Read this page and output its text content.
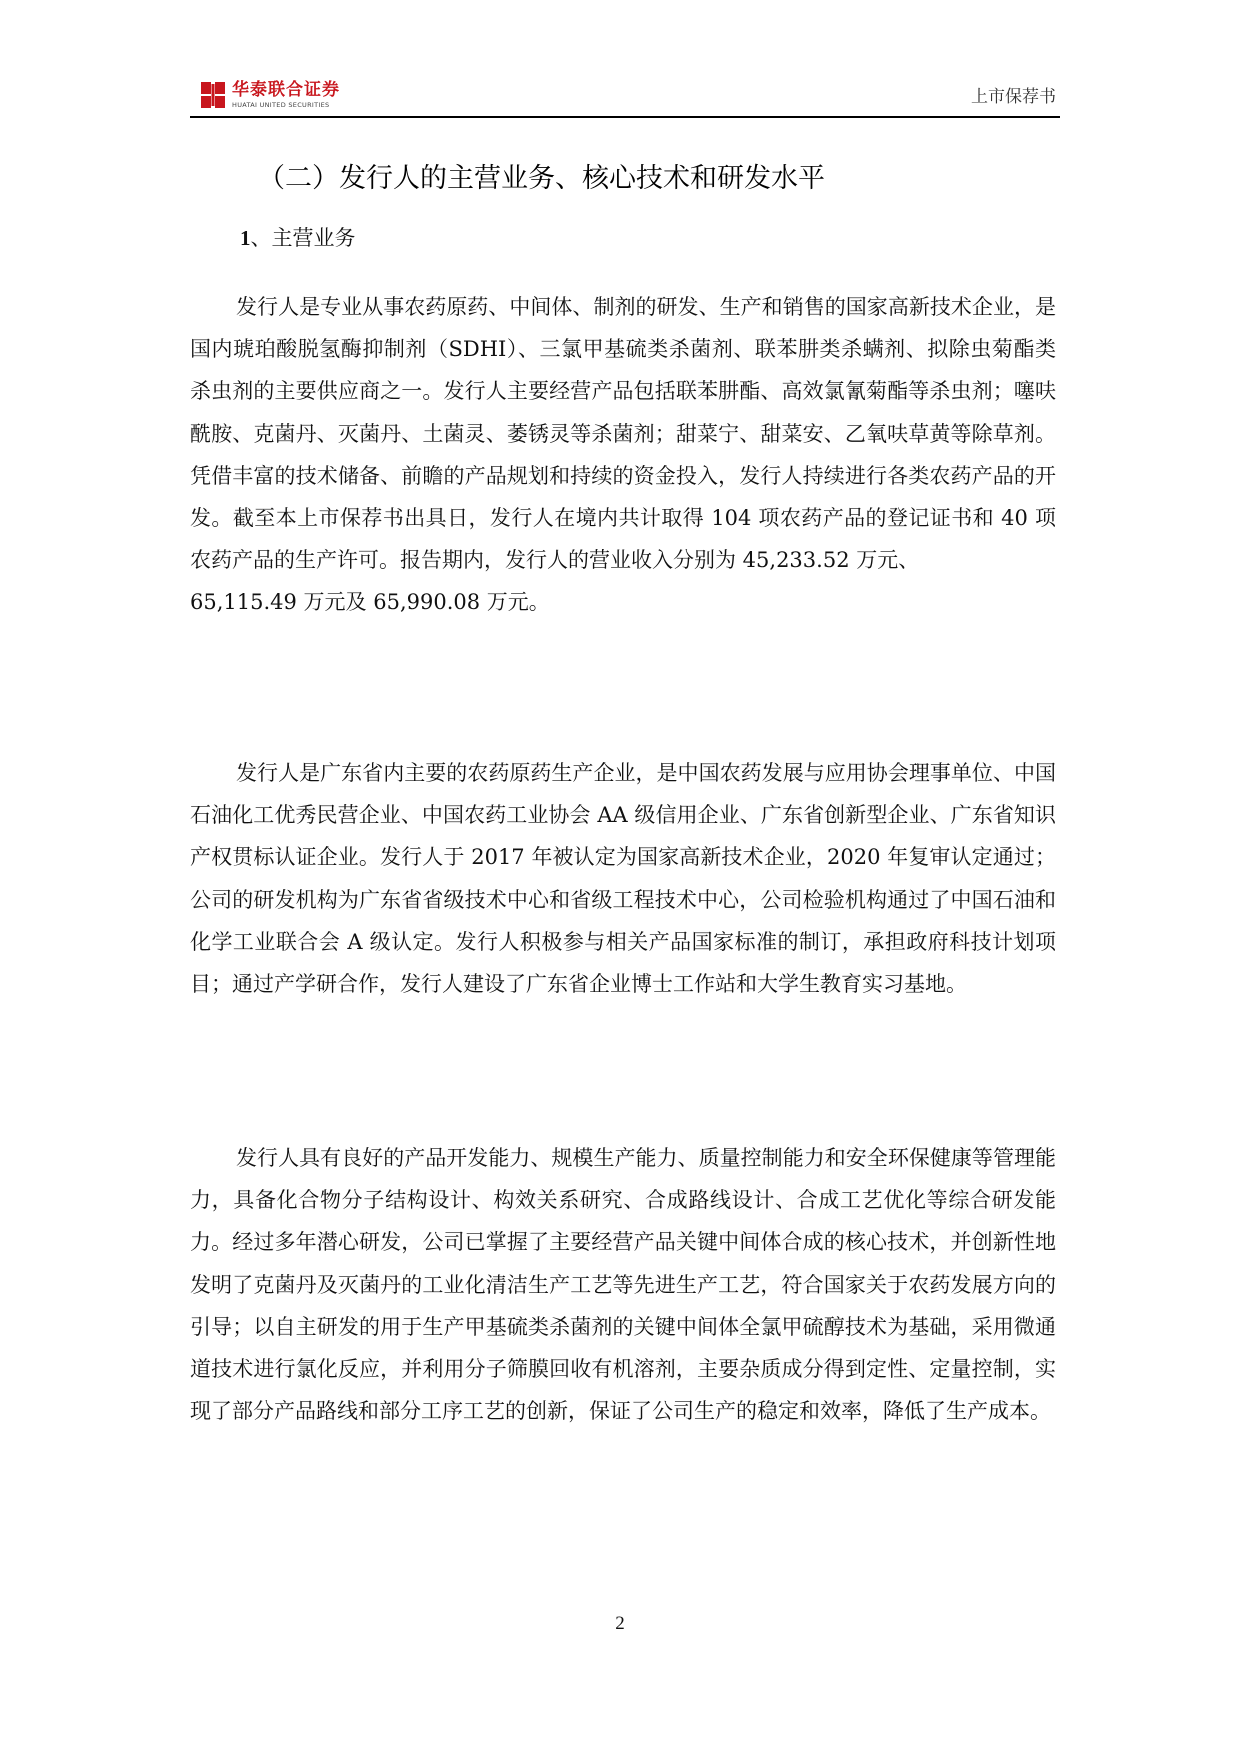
华泰联合证券
HUATAI UNITED SECURITIES	上市保荐书
（二）发行人的主营业务、核心技术和研发水平
1、主营业务

发行人是专业从事农药原药、中间体、制剂的研发、生产和销售的国家高新技术企业，是国内琥珀酸脱氢酶抑制剂（SDHI）、三氯甲基硫类杀菌剂、联苯肼类杀螨剂、拟除虫菊酯类杀虫剂的主要供应商之一。发行人主要经营产品包括联苯肼酯、高效氯氰菊酯等杀虫剂；噻呋酰胺、克菌丹、灭菌丹、土菌灵、萎锈灵等杀菌剂；甜菜宁、甜菜安、乙氧呋草黄等除草剂。凭借丰富的技术储备、前瞻的产品规划和持续的资金投入，发行人持续进行各类农药产品的开发。截至本上市保荐书出具日，发行人在境内共计取得 104 项农药产品的登记证书和 40 项农药产品的生产许可。报告期内，发行人的营业收入分别为 45,233.52 万元、
65,115.49 万元及 65,990.08 万元。

发行人是广东省内主要的农药原药生产企业，是中国农药发展与应用协会理事单位、中国石油化工优秀民营企业、中国农药工业协会 AA 级信用企业、广东省创新型企业、广东省知识产权贯标认证企业。发行人于 2017 年被认定为国家高新技术企业，2020 年复审认定通过；公司的研发机构为广东省省级技术中心和省级工程技术中心，公司检验机构通过了中国石油和化学工业联合会 A 级认定。发行人积极参与相关产品国家标准的制订，承担政府科技计划项目；通过产学研合作，发行人建设了广东省企业博士工作站和大学生教育实习基地。

发行人具有良好的产品开发能力、规模生产能力、质量控制能力和安全环保健康等管理能力，具备化合物分子结构设计、构效关系研究、合成路线设计、合成工艺优化等综合研发能力。经过多年潜心研发，公司已掌握了主要经营产品关键中间体合成的核心技术，并创新性地发明了克菌丹及灭菌丹的工业化清洁生产工艺等先进生产工艺，符合国家关于农药发展方向的引导；以自主研发的用于生产甲基硫类杀菌剂的关键中间体全氯甲硫醇技术为基础，采用微通道技术进行氯化反应，并利用分子筛膜回收有机溶剂，主要杂质成分得到定性、定量控制，实现了部分产品路线和部分工序工艺的创新，保证了公司生产的稳定和效率，降低了生产成本。

2
